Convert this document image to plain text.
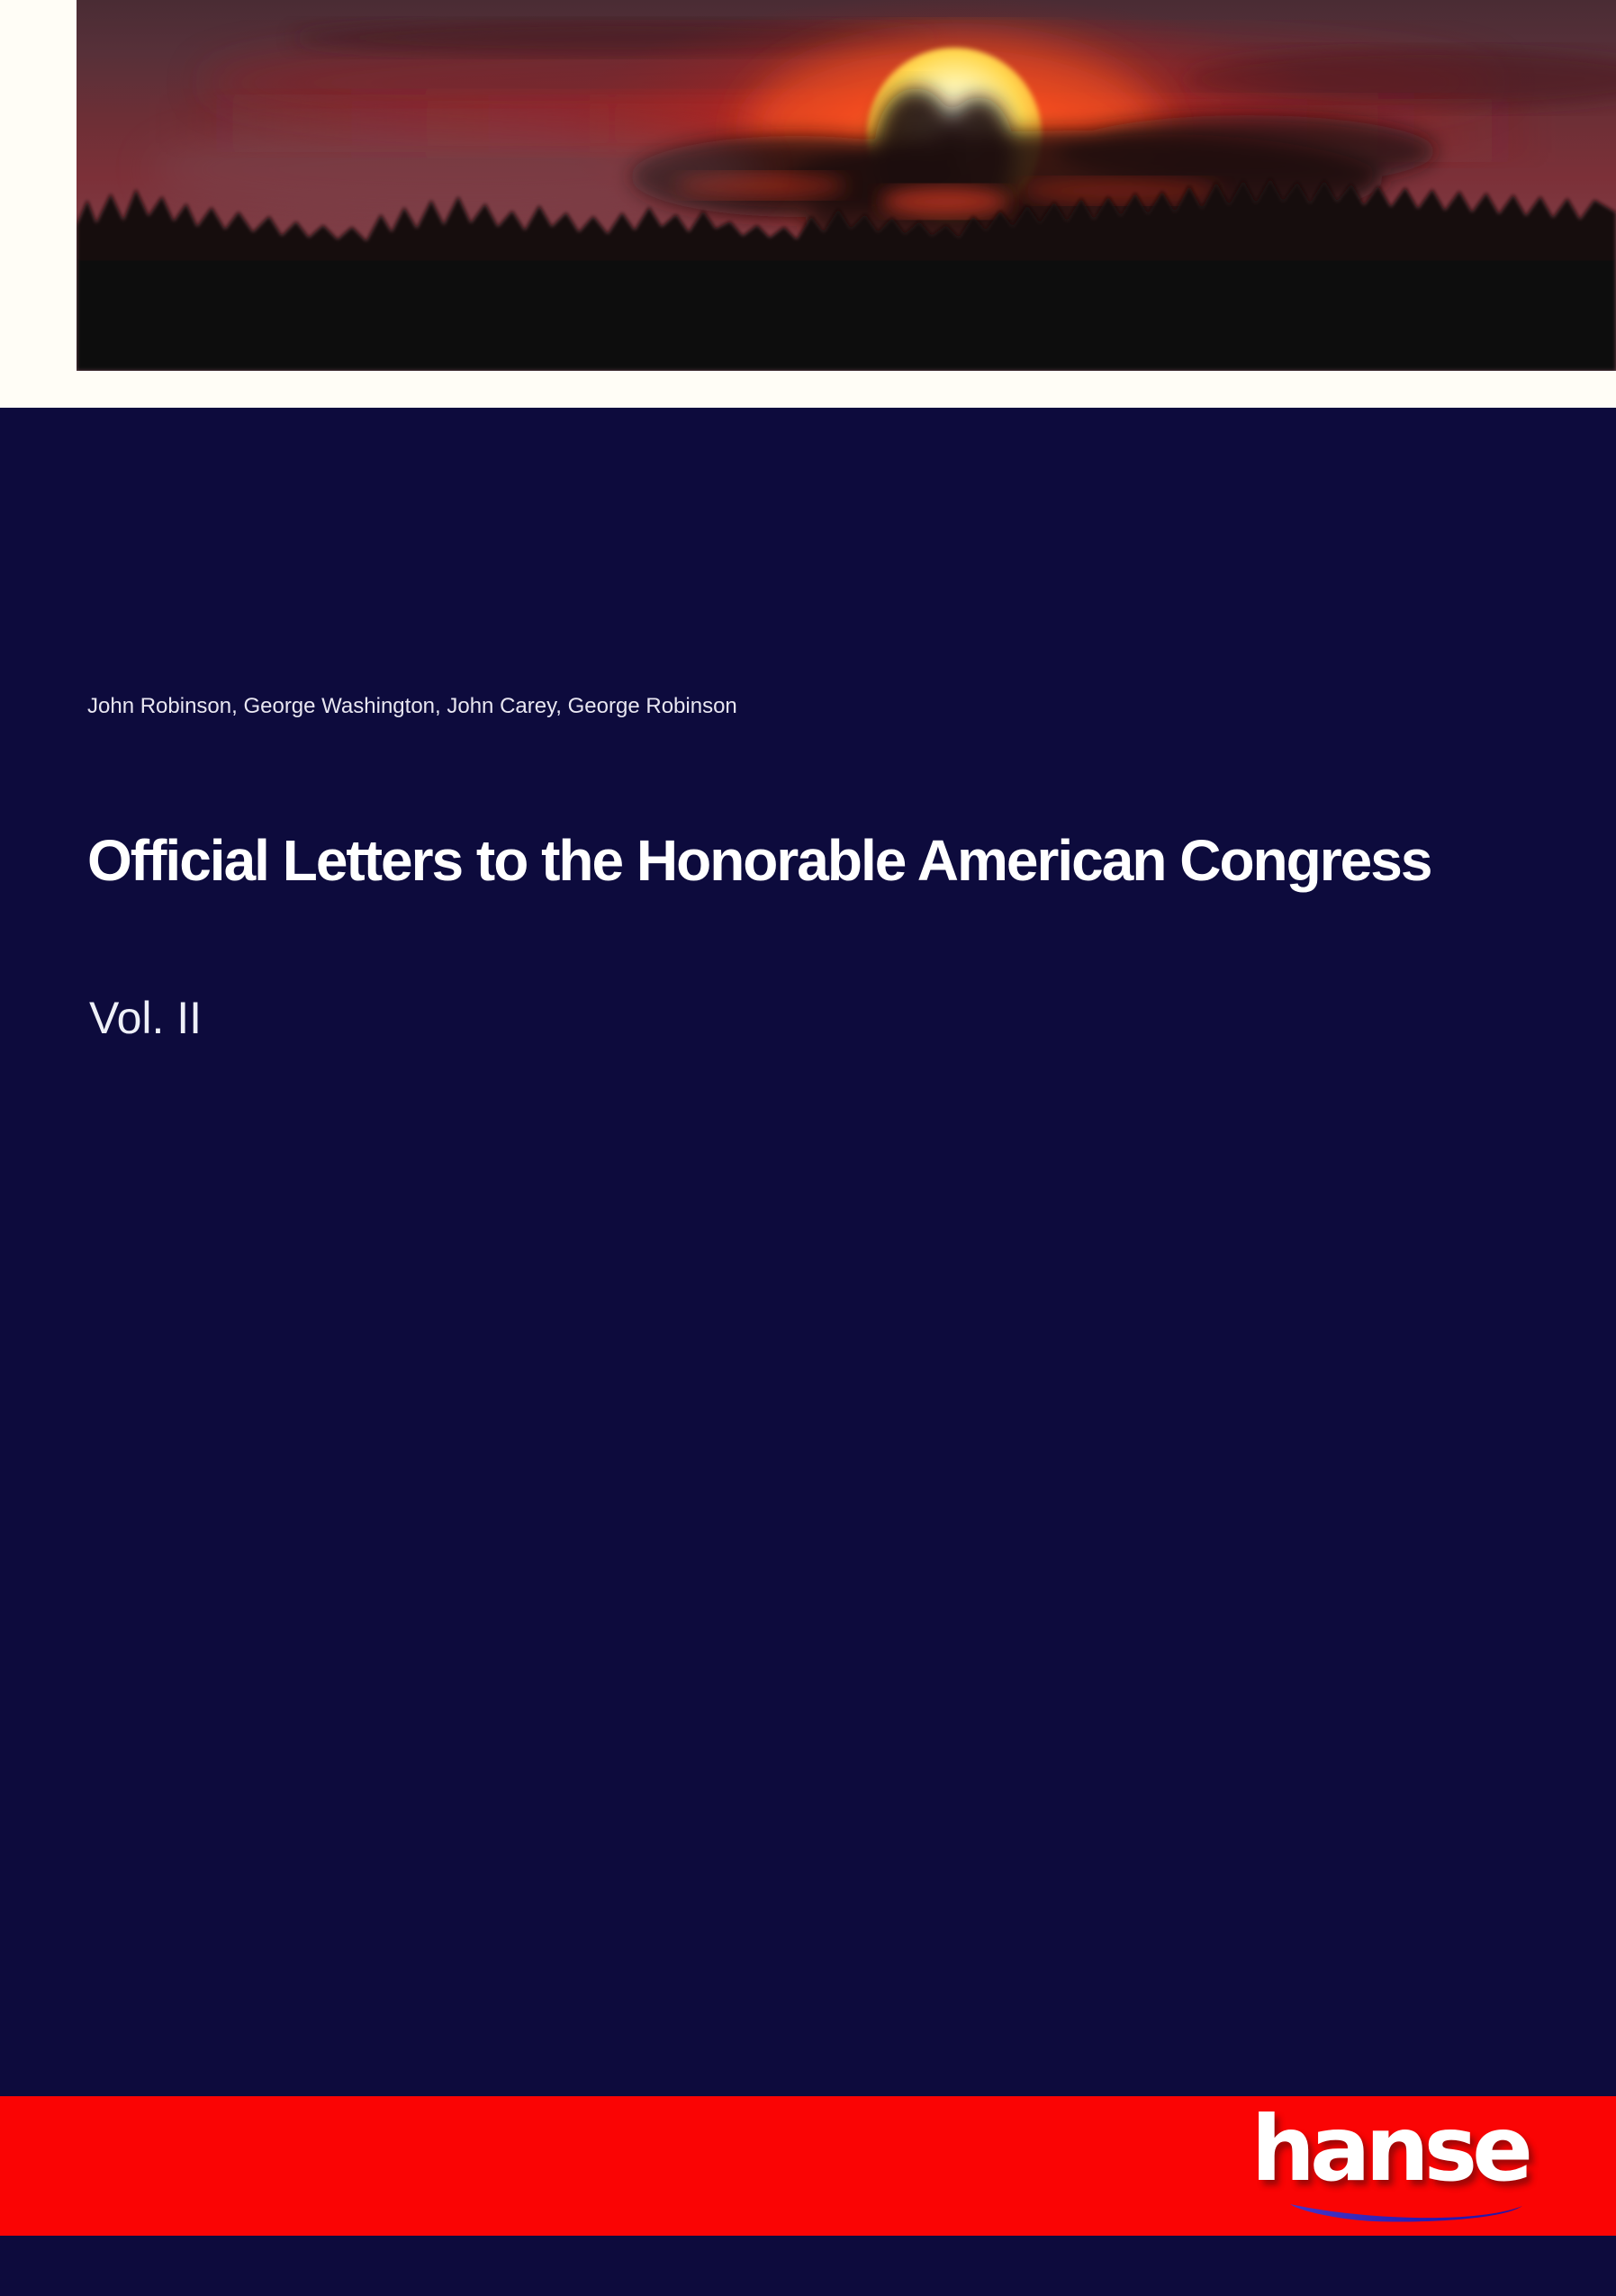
John Robinson, George Washington, John Carey, George Robinson
Official Letters to the Honorable American Congress
Vol. II
hanse
